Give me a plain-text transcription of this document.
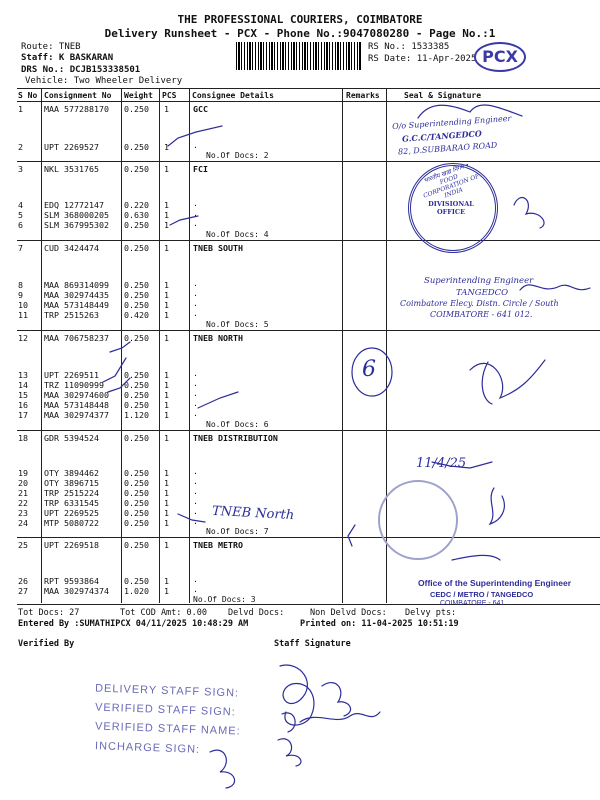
THE PROFESSIONAL COURIERS, COIMBATORE
Delivery Runsheet - PCX - Phone No.:9047080280 - Page No.:1
Route: TNEB
Staff: K BASKARAN
DRS No.: DCJB153338501
Vehicle: Two Wheeler Delivery
RS No.: 1533385
RS Date: 11-Apr-2025 PCX
S No Consignment No Weight PCS Consignee Details	Remarks	Seal & Signature
1	MAA 577288170 0.250 1	GCC
2	UPT 2269527	0.250 1	.
No.Of Docs: 2
3	NKL 3531765	0.250 1	FCI
4	EDQ 12772147 0.220 1	.
5	SLM 368000205 0.630 1	.
6	SLM 367995302 0.250 1	.
No.Of Docs: 4
7	CUD 3424474	0.250 1	TNEB SOUTH
8	MAA 869314099 0.250 1	.
9	MAA 302974435 0.250 1	.
10 MAA 573148449 0.250 1	.
11 TRP 2515263	0.420 1	.
No.Of Docs: 5
12 MAA 706758237 0.250 1	TNEB NORTH
13 UPT 2269511	0.250 1	.
14 TRZ 11090999 0.250 1	.
15 MAA 302974600 0.250 1	.
16 MAA 573148448 0.250 1	.
17 MAA 302974377 1.120 1	.
No.Of Docs: 6
18 GDR 5394524	0.250 1	TNEB DISTRIBUTION
19 OTY 3894462	0.250 1	.
20 OTY 3896715	0.250 1	.
21 TRP 2515224	0.250 1	.
22 TRP 6331545	0.250 1	.
23 UPT 2269525	0.250 1	.
24 MTP 5080722	0.250 1	.
No.Of Docs: 7
25 UPT 2269518	0.250 1	TNEB METRO
26 RPT 9593864	0.250 1	.
27 MAA 302974374 1.020 1	.
No.Of Docs: 3
Tot Docs: 27	Tot COD Amt: 0.00 Delvd Docs:	Non Delvd Docs: Delvy pts:
Entered By :SUMATHIPCX 04/11/2025 10:48:29 AM	Printed on: 11-04-2025 10:51:19
Verified By	Staff Signature
O/o Superintending Engineer
G.C.C/TANGEDCO
82, D.SUBBARAO ROAD
भारतीय खाद्य निगम • FOOD CORPORATION OF INDIA
DIVISIONAL OFFICE
Superintending Engineer
TANGEDCO
Coimbatore Elecy. Distn. Circle / South
COIMBATORE - 641 012.
Office of the Superintending Engineer
CEDC / METRO / TANGEDCO
COIMBATORE - 641 ...
DELIVERY STAFF SIGN:
VERIFIED STAFF SIGN:
VERIFIED STAFF NAME:
INCHARGE SIGN:
TNEB North
6
11/4/25
